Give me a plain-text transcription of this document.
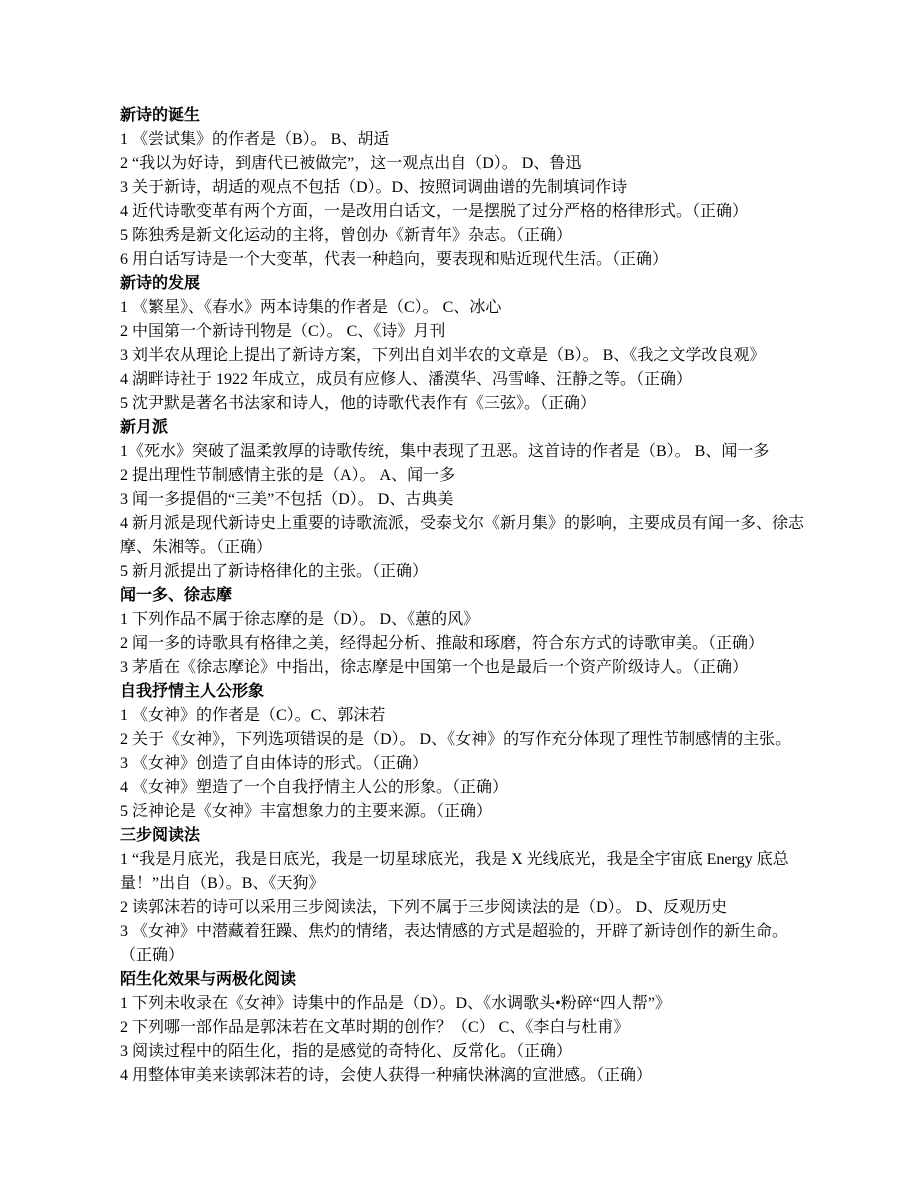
新诗的诞生

1 《尝试集》的作者是（B）。 B、胡适

2 “我以为好诗，到唐代已被做完”，这一观点出自（D）。 D、鲁迅

3 关于新诗，胡适的观点不包括（D）。D、按照词调曲谱的先制填词作诗

4 近代诗歌变革有两个方面，一是改用白话文，一是摆脱了过分严格的格律形式。（正确）

5 陈独秀是新文化运动的主将，曾创办《新青年》杂志。（正确）

6 用白话写诗是一个大变革，代表一种趋向，要表现和贴近现代生活。（正确）

新诗的发展

1 《繁星》、《春水》两本诗集的作者是（C）。 C、冰心

2 中国第一个新诗刊物是（C）。 C、《诗》月刊

3 刘半农从理论上提出了新诗方案，下列出自刘半农的文章是（B）。 B、《我之文学改良观》

4 湖畔诗社于 1922 年成立，成员有应修人、潘漠华、冯雪峰、汪静之等。（正确）

5 沈尹默是著名书法家和诗人，他的诗歌代表作有《三弦》。（正确）

新月派

1《死水》突破了温柔敦厚的诗歌传统，集中表现了丑恶。这首诗的作者是（B）。 B、闻一多

2 提出理性节制感情主张的是（A）。 A、闻一多

3 闻一多提倡的“三美”不包括（D）。 D、古典美

4 新月派是现代新诗史上重要的诗歌流派，受泰戈尔《新月集》的影响，主要成员有闻一多、徐志摩、朱湘等。（正确）

5 新月派提出了新诗格律化的主张。（正确）

闻一多、徐志摩

1 下列作品不属于徐志摩的是（D）。 D、《蕙的风》

2 闻一多的诗歌具有格律之美，经得起分析、推敲和琢磨，符合东方式的诗歌审美。（正确）

3 茅盾在《徐志摩论》中指出，徐志摩是中国第一个也是最后一个资产阶级诗人。（正确）

自我抒情主人公形象

1 《女神》的作者是（C）。C、郭沫若

2 关于《女神》，下列选项错误的是（D）。 D、《女神》的写作充分体现了理性节制感情的主张。

3 《女神》创造了自由体诗的形式。（正确）

4 《女神》塑造了一个自我抒情主人公的形象。（正确）

5 泛神论是《女神》丰富想象力的主要来源。（正确）

三步阅读法

1 “我是月底光，我是日底光，我是一切星球底光，我是 X 光线底光，我是全宇宙底 Energy 底总量！”出自（B）。B、《天狗》

2 读郭沫若的诗可以采用三步阅读法，下列不属于三步阅读法的是（D）。 D、反观历史

3 《女神》中潜藏着狂躁、焦灼的情绪，表达情感的方式是超验的，开辟了新诗创作的新生命。（正确）

陌生化效果与两极化阅读

1 下列未收录在《女神》诗集中的作品是（D）。D、《水调歌头•粉碎“四人帮”》

2 下列哪一部作品是郭沫若在文革时期的创作？（C） C、《李白与杜甫》

3 阅读过程中的陌生化，指的是感觉的奇特化、反常化。（正确）

4 用整体审美来读郭沫若的诗，会使人获得一种痛快淋漓的宣泄感。（正确）
